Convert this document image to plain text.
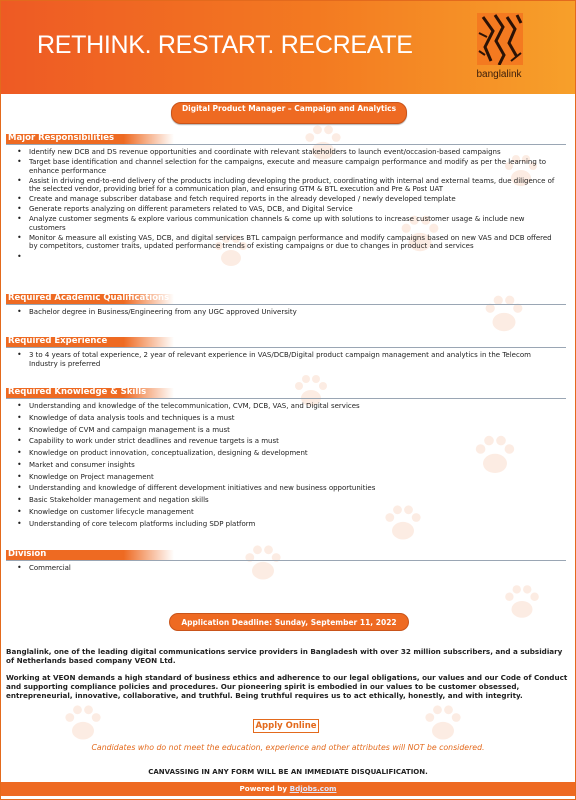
RETHINK. RESTART. RECREATE
banglalink
Digital Product Manager – Campaign and Analytics
Major Responsibilities
• Identify new DCB and DS revenue opportunities and coordinate with relevant stakeholders to launch event/occasion-based campaigns
• Target base identification and channel selection for the campaigns, execute and measure campaign performance and modify as per the learning to enhance performance
• Assist in driving end-to-end delivery of the products including developing the product, coordinating with internal and external teams, due diligence of the selected vendor, providing brief for a communication plan, and ensuring GTM & BTL execution and Pre & Post UAT
• Create and manage subscriber database and fetch required reports in the already developed / newly developed template
• Generate reports analyzing on different parameters related to VAS, DCB, and Digital Service
• Analyze customer segments & explore various communication channels & come up with solutions to increase customer usage & include new customers
• Monitor & measure all existing VAS, DCB, and digital services BTL campaign performance and modify campaigns based on new VAS and DCB offered by competitors, customer traits, updated performance trends of existing campaigns or due to changes in product and services
•
Required Academic Qualifications
• Bachelor degree in Business/Engineering from any UGC approved University
Required Experience
• 3 to 4 years of total experience, 2 year of relevant experience in VAS/DCB/Digital product campaign management and analytics in the Telecom Industry is preferred
Required Knowledge & Skills
• Understanding and knowledge of the telecommunication, CVM, DCB, VAS, and Digital services
• Knowledge of data analysis tools and techniques is a must
• Knowledge of CVM and campaign management is a must
• Capability to work under strict deadlines and revenue targets is a must
• Knowledge on product innovation, conceptualization, designing & development
• Market and consumer insights
• Knowledge on Project management
• Understanding and knowledge of different development initiatives and new business opportunities
• Basic Stakeholder management and negation skills
• Knowledge on customer lifecycle management
• Understanding of core telecom platforms including SDP platform
Division
• Commercial
Application Deadline: Sunday, September 11, 2022
Banglalink, one of the leading digital communications service providers in Bangladesh with over 32 million subscribers, and a subsidiary of Netherlands based company VEON Ltd.
Working at VEON demands a high standard of business ethics and adherence to our legal obligations, our values and our Code of Conduct and supporting compliance policies and procedures. Our pioneering spirit is embodied in our values to be customer obsessed, entrepreneurial, innovative, collaborative, and truthful. Being truthful requires us to act ethically, honestly, and with integrity.
Apply Online
Candidates who do not meet the education, experience and other attributes will NOT be considered.
CANVASSING IN ANY FORM WILL BE AN IMMEDIATE DISQUALIFICATION.
Powered by Bdjobs.com
